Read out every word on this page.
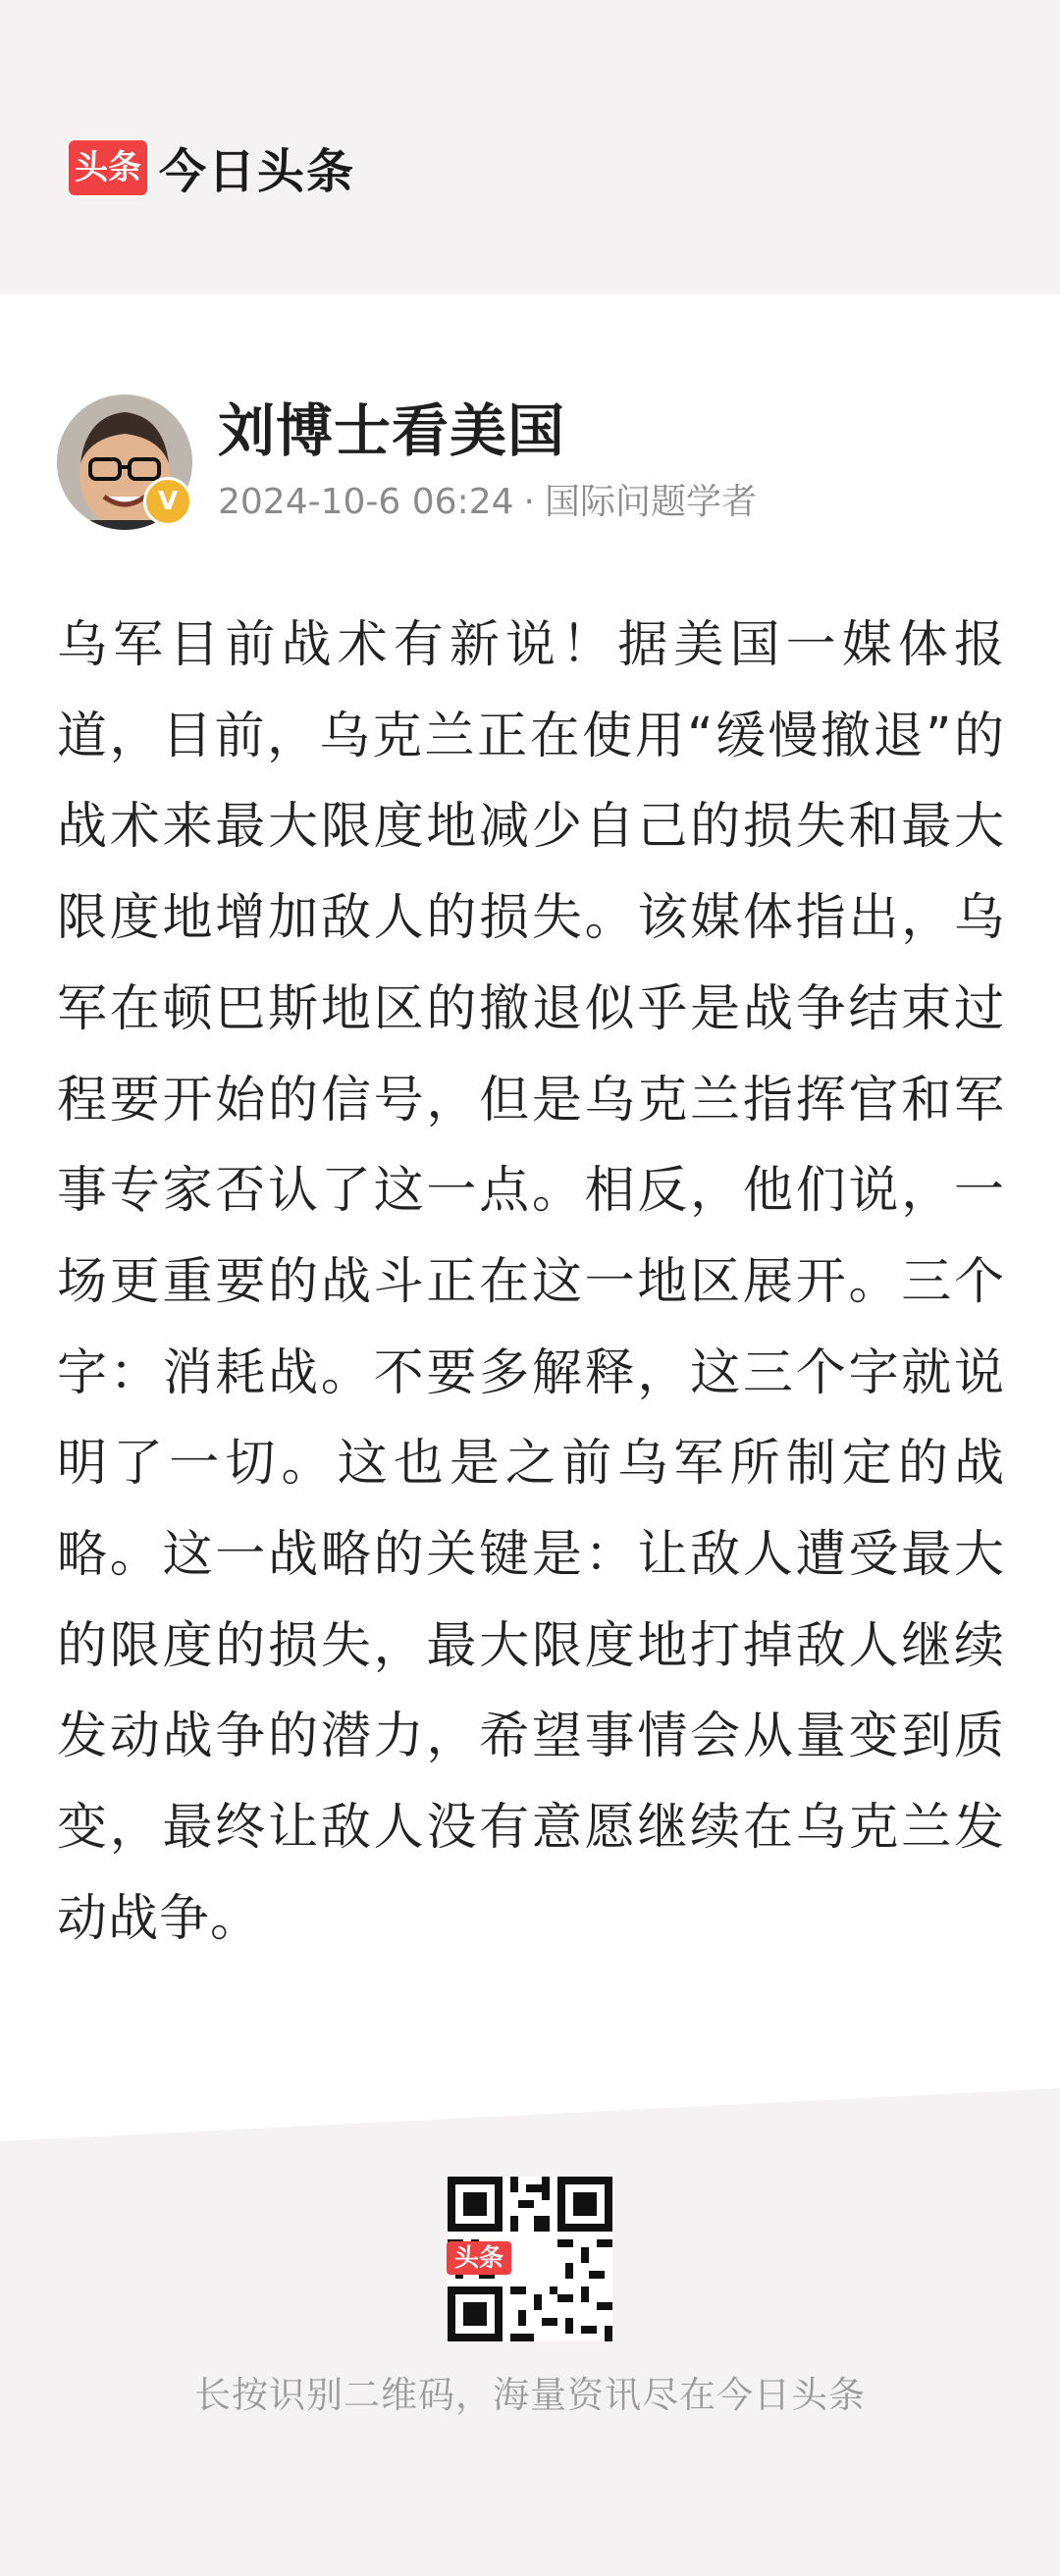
头条 今日头条
V
刘博士看美国
2024-10-6 06:24 · 国际问题学者
乌军目前战术有新说！据美国一媒体报道，目前，乌克兰正在使用“缓慢撤退”的战术来最大限度地减少自己的损失和最大限度地增加敌人的损失。该媒体指出，乌军在顿巴斯地区的撤退似乎是战争结束过程要开始的信号，但是乌克兰指挥官和军事专家否认了这一点。相反，他们说，一场更重要的战斗正在这一地区展开。三个字：消耗战。不要多解释，这三个字就说明了一切。这也是之前乌军所制定的战略。这一战略的关键是：让敌人遭受最大的限度的损失，最大限度地打掉敌人继续发动战争的潜力，希望事情会从量变到质变，最终让敌人没有意愿继续在乌克兰发动战争。
头条
长按识别二维码，海量资讯尽在今日头条
